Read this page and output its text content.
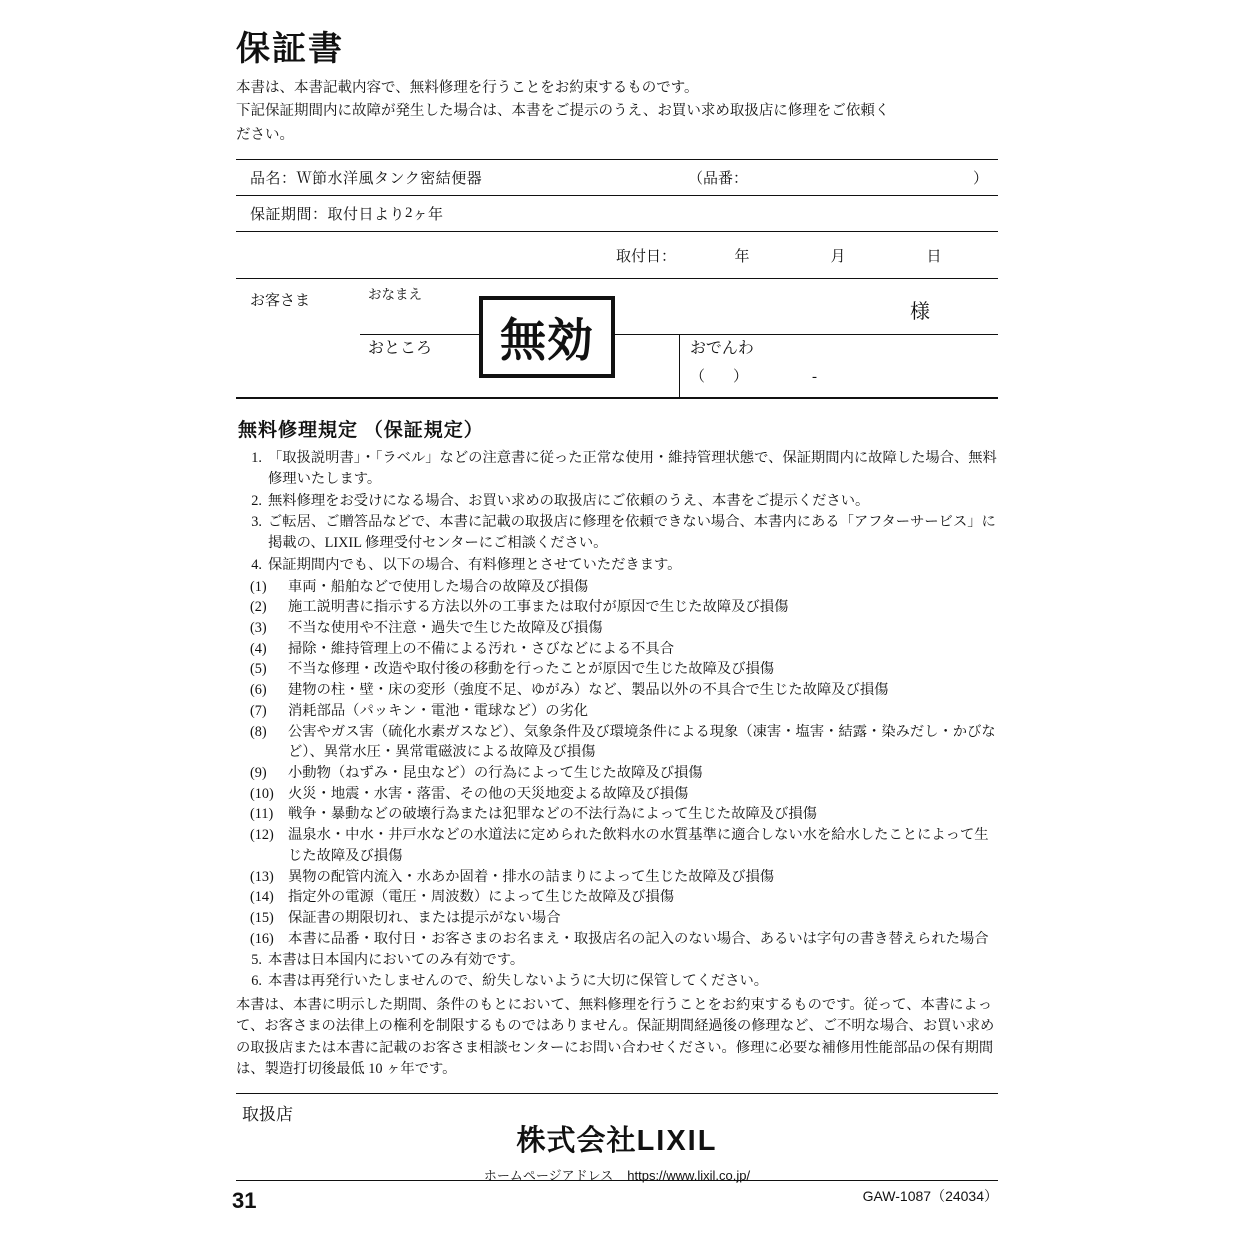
保証書
本書は、本書記載内容で、無料修理を行うことをお約束するものです。
下記保証期間内に故障が発生した場合は、本書をご提示のうえ、お買い求め取扱店に修理をご依頼く
ださい。
品名：Ｗ節水洋風タンク密結便器	（品番：	）
保証期間：取付日より 2 ヶ年
取付日：	年	月	日
無効
お客さま	おなまえ
様
おところ	おでんわ
（）	-
無料修理規定 （保証規定）
1. 「取扱説明書」・「ラベル」などの注意書に従った正常な使用・維持管理状態で、保証期間内に故障した場合、無料修理いたします。
2. 無料修理をお受けになる場合、お買い求めの取扱店にご依頼のうえ、本書をご提示ください。
3. ご転居、ご贈答品などで、本書に記載の取扱店に修理を依頼できない場合、本書内にある「アフターサービス」に掲載の、LIXIL 修理受付センターにご相談ください。
4. 保証期間内でも、以下の場合、有料修理とさせていただきます。
(1)	車両・船舶などで使用した場合の故障及び損傷
(2)	施工説明書に指示する方法以外の工事または取付が原因で生じた故障及び損傷
(3)	不当な使用や不注意・過失で生じた故障及び損傷
(4)	掃除・維持管理上の不備による汚れ・さびなどによる不具合
(5)	不当な修理・改造や取付後の移動を行ったことが原因で生じた故障及び損傷
(6)	建物の柱・壁・床の変形（強度不足、ゆがみ）など、製品以外の不具合で生じた故障及び損傷
(7)	消耗部品（パッキン・電池・電球など）の劣化
(8)	公害やガス害（硫化水素ガスなど）、気象条件及び環境条件による現象（凍害・塩害・結露・染みだし・かびなど）、異常水圧・異常電磁波による故障及び損傷
(9)	小動物（ねずみ・昆虫など）の行為によって生じた故障及び損傷
(10) 火災・地震・水害・落雷、その他の天災地変よる故障及び損傷
(11)	戦争・暴動などの破壊行為または犯罪などの不法行為によって生じた故障及び損傷
(12) 温泉水・中水・井戸水などの水道法に定められた飲料水の水質基準に適合しない水を給水したことによって生じた故障及び損傷
(13) 異物の配管内流入・水あか固着・排水の詰まりによって生じた故障及び損傷
(14) 指定外の電源（電圧・周波数）によって生じた故障及び損傷
(15) 保証書の期限切れ、または提示がない場合
(16) 本書に品番・取付日・お客さまのお名まえ・取扱店名の記入のない場合、あるいは字句の書き替えられた場合
5. 本書は日本国内においてのみ有効です。
6. 本書は再発行いたしませんので、紛失しないように大切に保管してください。
本書は、本書に明示した期間、条件のもとにおいて、無料修理を行うことをお約束するものです。従って、本書によって、お客さまの法律上の権利を制限するものではありません。保証期間経過後の修理など、ご不明な場合、お買い求めの取扱店または本書に記載のお客さま相談センターにお問い合わせください。修理に必要な補修用性能部品の保有期間は、製造打切後最低 10 ヶ年です。
取扱店
株式会社LIXIL
ホームページアドレス https://www.lixil.co.jp/
GAW-1087（24034）
31
